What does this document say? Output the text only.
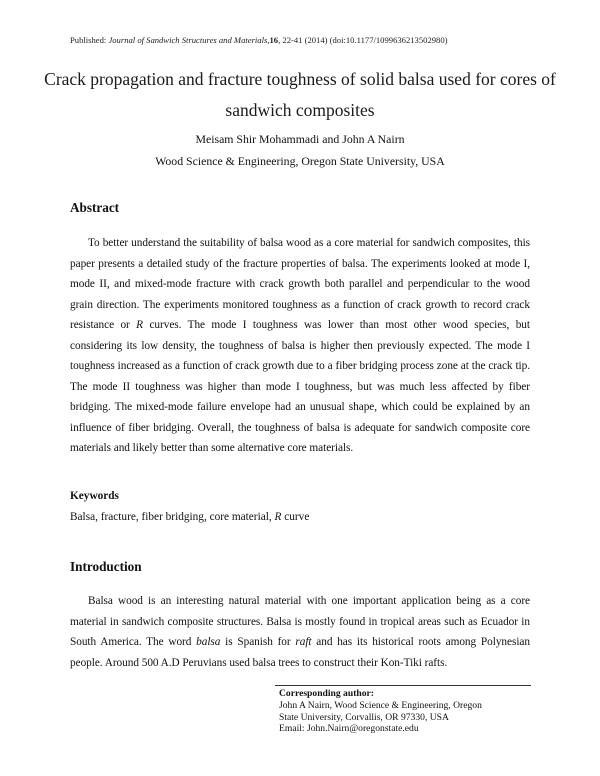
Published: Journal of Sandwich Structures and Materials,16, 22-41 (2014) (doi:10.1177/1099636213502980)
Crack propagation and fracture toughness of solid balsa used for cores of sandwich composites
Meisam Shir Mohammadi and John A Nairn
Wood Science & Engineering, Oregon State University, USA
Abstract

To better understand the suitability of balsa wood as a core material for sandwich composites, this paper presents a detailed study of the fracture properties of balsa. The experiments looked at mode I, mode II, and mixed-mode fracture with crack growth both parallel and perpendicular to the wood grain direction. The experiments monitored toughness as a function of crack growth to record crack resistance or R curves. The mode I toughness was lower than most other wood species, but considering its low density, the toughness of balsa is higher then previously expected. The mode I toughness increased as a function of crack growth due to a fiber bridging process zone at the crack tip. The mode II toughness was higher than mode I toughness, but was much less affected by fiber bridging. The mixed-mode failure envelope had an unusual shape, which could be explained by an influence of fiber bridging. Overall, the toughness of balsa is adequate for sandwich composite core materials and likely better than some alternative core materials.

Keywords
Balsa, fracture, fiber bridging, core material, R curve
Introduction

Balsa wood is an interesting natural material with one important application being as a core material in sandwich composite structures. Balsa is mostly found in tropical areas such as Ecuador in South America. The word balsa is Spanish for raft and has its historical roots among Polynesian people. Around 500 A.D Peruvians used balsa trees to construct their Kon-Tiki rafts.

Corresponding author:
John A Nairn, Wood Science & Engineering, Oregon
State University, Corvallis, OR 97330, USA
Email: John.Nairn@oregonstate.edu
